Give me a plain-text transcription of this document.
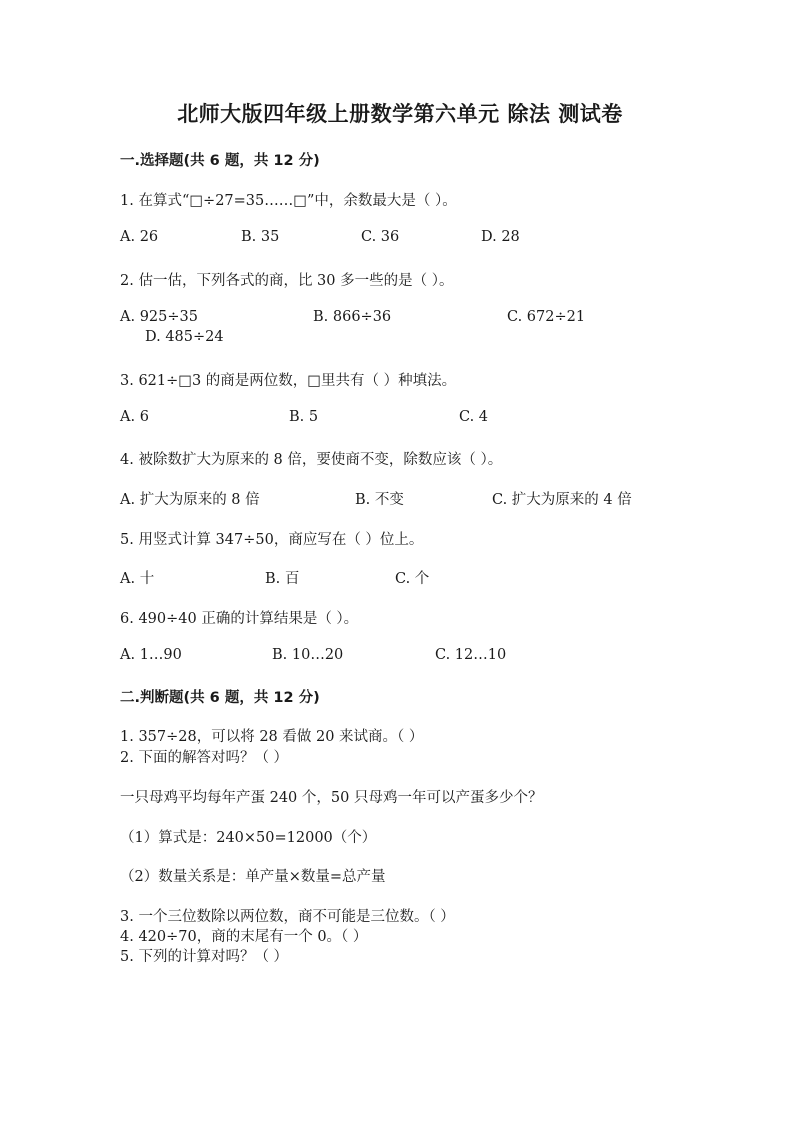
北师大版四年级上册数学第六单元 除法 测试卷
一.选择题(共 6 题，共 12 分)
1. 在算式“□÷27=35……□”中，余数最大是（ ）。
A. 26	B. 35	C. 36	D. 28
2. 估一估，下列各式的商，比 30 多一些的是（ ）。
A. 925÷35	B. 866÷36	C. 672÷21
D. 485÷24
3. 621÷□3 的商是两位数，□里共有（ ）种填法。
A. 6	B. 5	C. 4
4. 被除数扩大为原来的 8 倍，要使商不变，除数应该（ ）。
A. 扩大为原来的 8 倍	B. 不变	C. 扩大为原来的 4 倍
5. 用竖式计算 347÷50，商应写在（ ）位上。
A. 十	B. 百	C. 个
6. 490÷40 正确的计算结果是（ ）。
A. 1…90	B. 10…20	C. 12…10
二.判断题(共 6 题，共 12 分)
1. 357÷28，可以将 28 看做 20 来试商。（ ）
2. 下面的解答对吗？（ ）
一只母鸡平均每年产蛋 240 个，50 只母鸡一年可以产蛋多少个？
（1）算式是：240×50=12000（个）
（2）数量关系是：单产量×数量=总产量
3. 一个三位数除以两位数，商不可能是三位数。（ ）
4. 420÷70，商的末尾有一个 0。（ ）
5. 下列的计算对吗？（ ）
